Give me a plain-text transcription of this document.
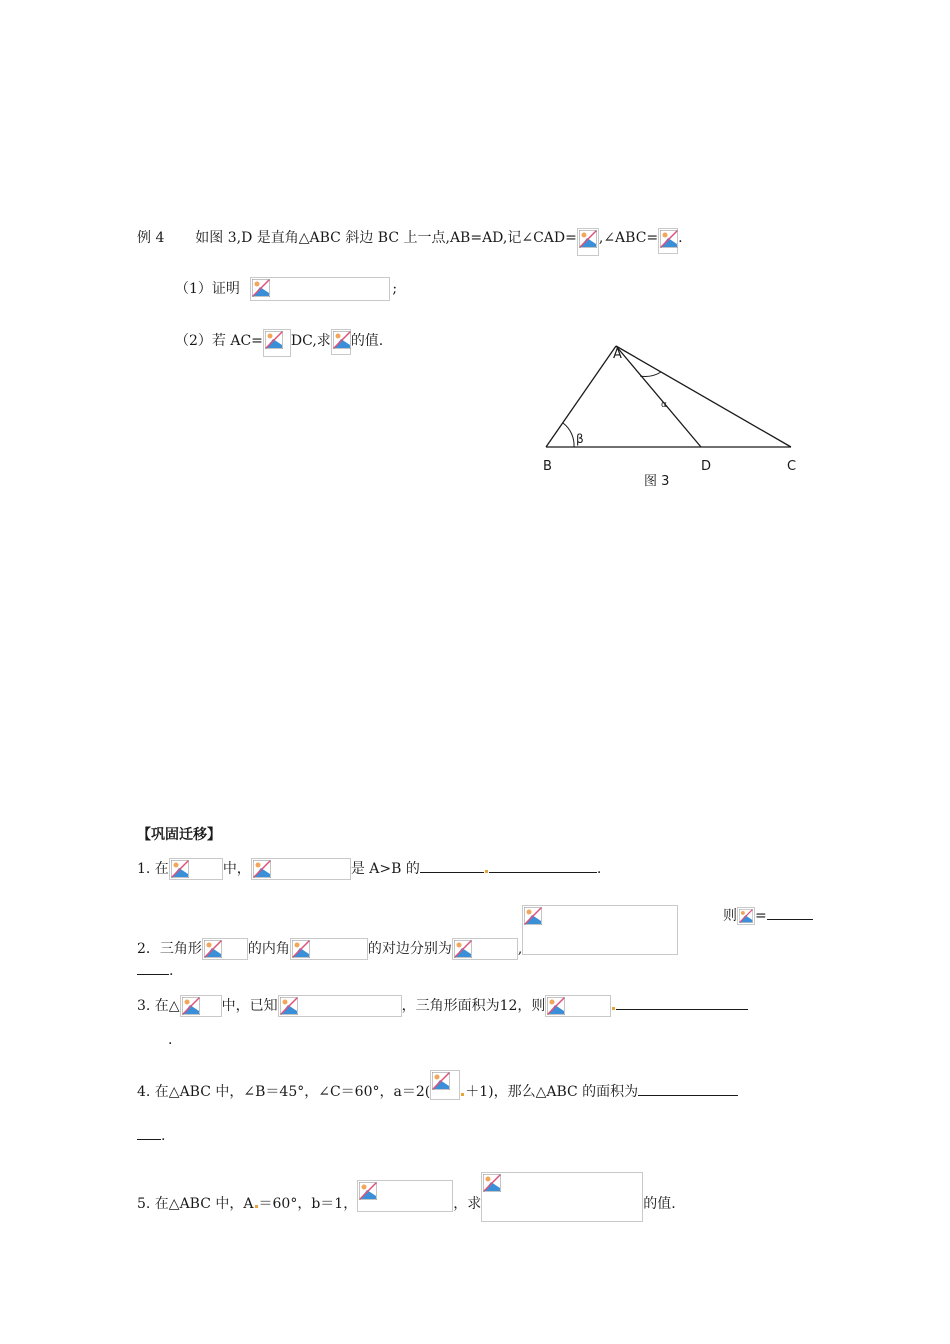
例 4 如图 3,D 是直角△ABC 斜边 BC 上一点,AB=AD,记∠CAD= ,∠ABC= .
（1）证明	;
（2）若 AC= DC,求 的值.
α
β
A
B	D	C
图 3
【巩固迁移】
1. 在	中，	是 A>B 的	.
2．三角形	的内角	的对边分别为	,
则 =
.
3. 在△	中，已知	，三角形面积为12，则
.
4. 在△ABC 中，∠B＝45°，∠C＝60°，a＝2(	＋1)，那么△ABC 的面积为
.
5. 在△ABC 中，A ＝60°，b＝1，	，求	的值.
